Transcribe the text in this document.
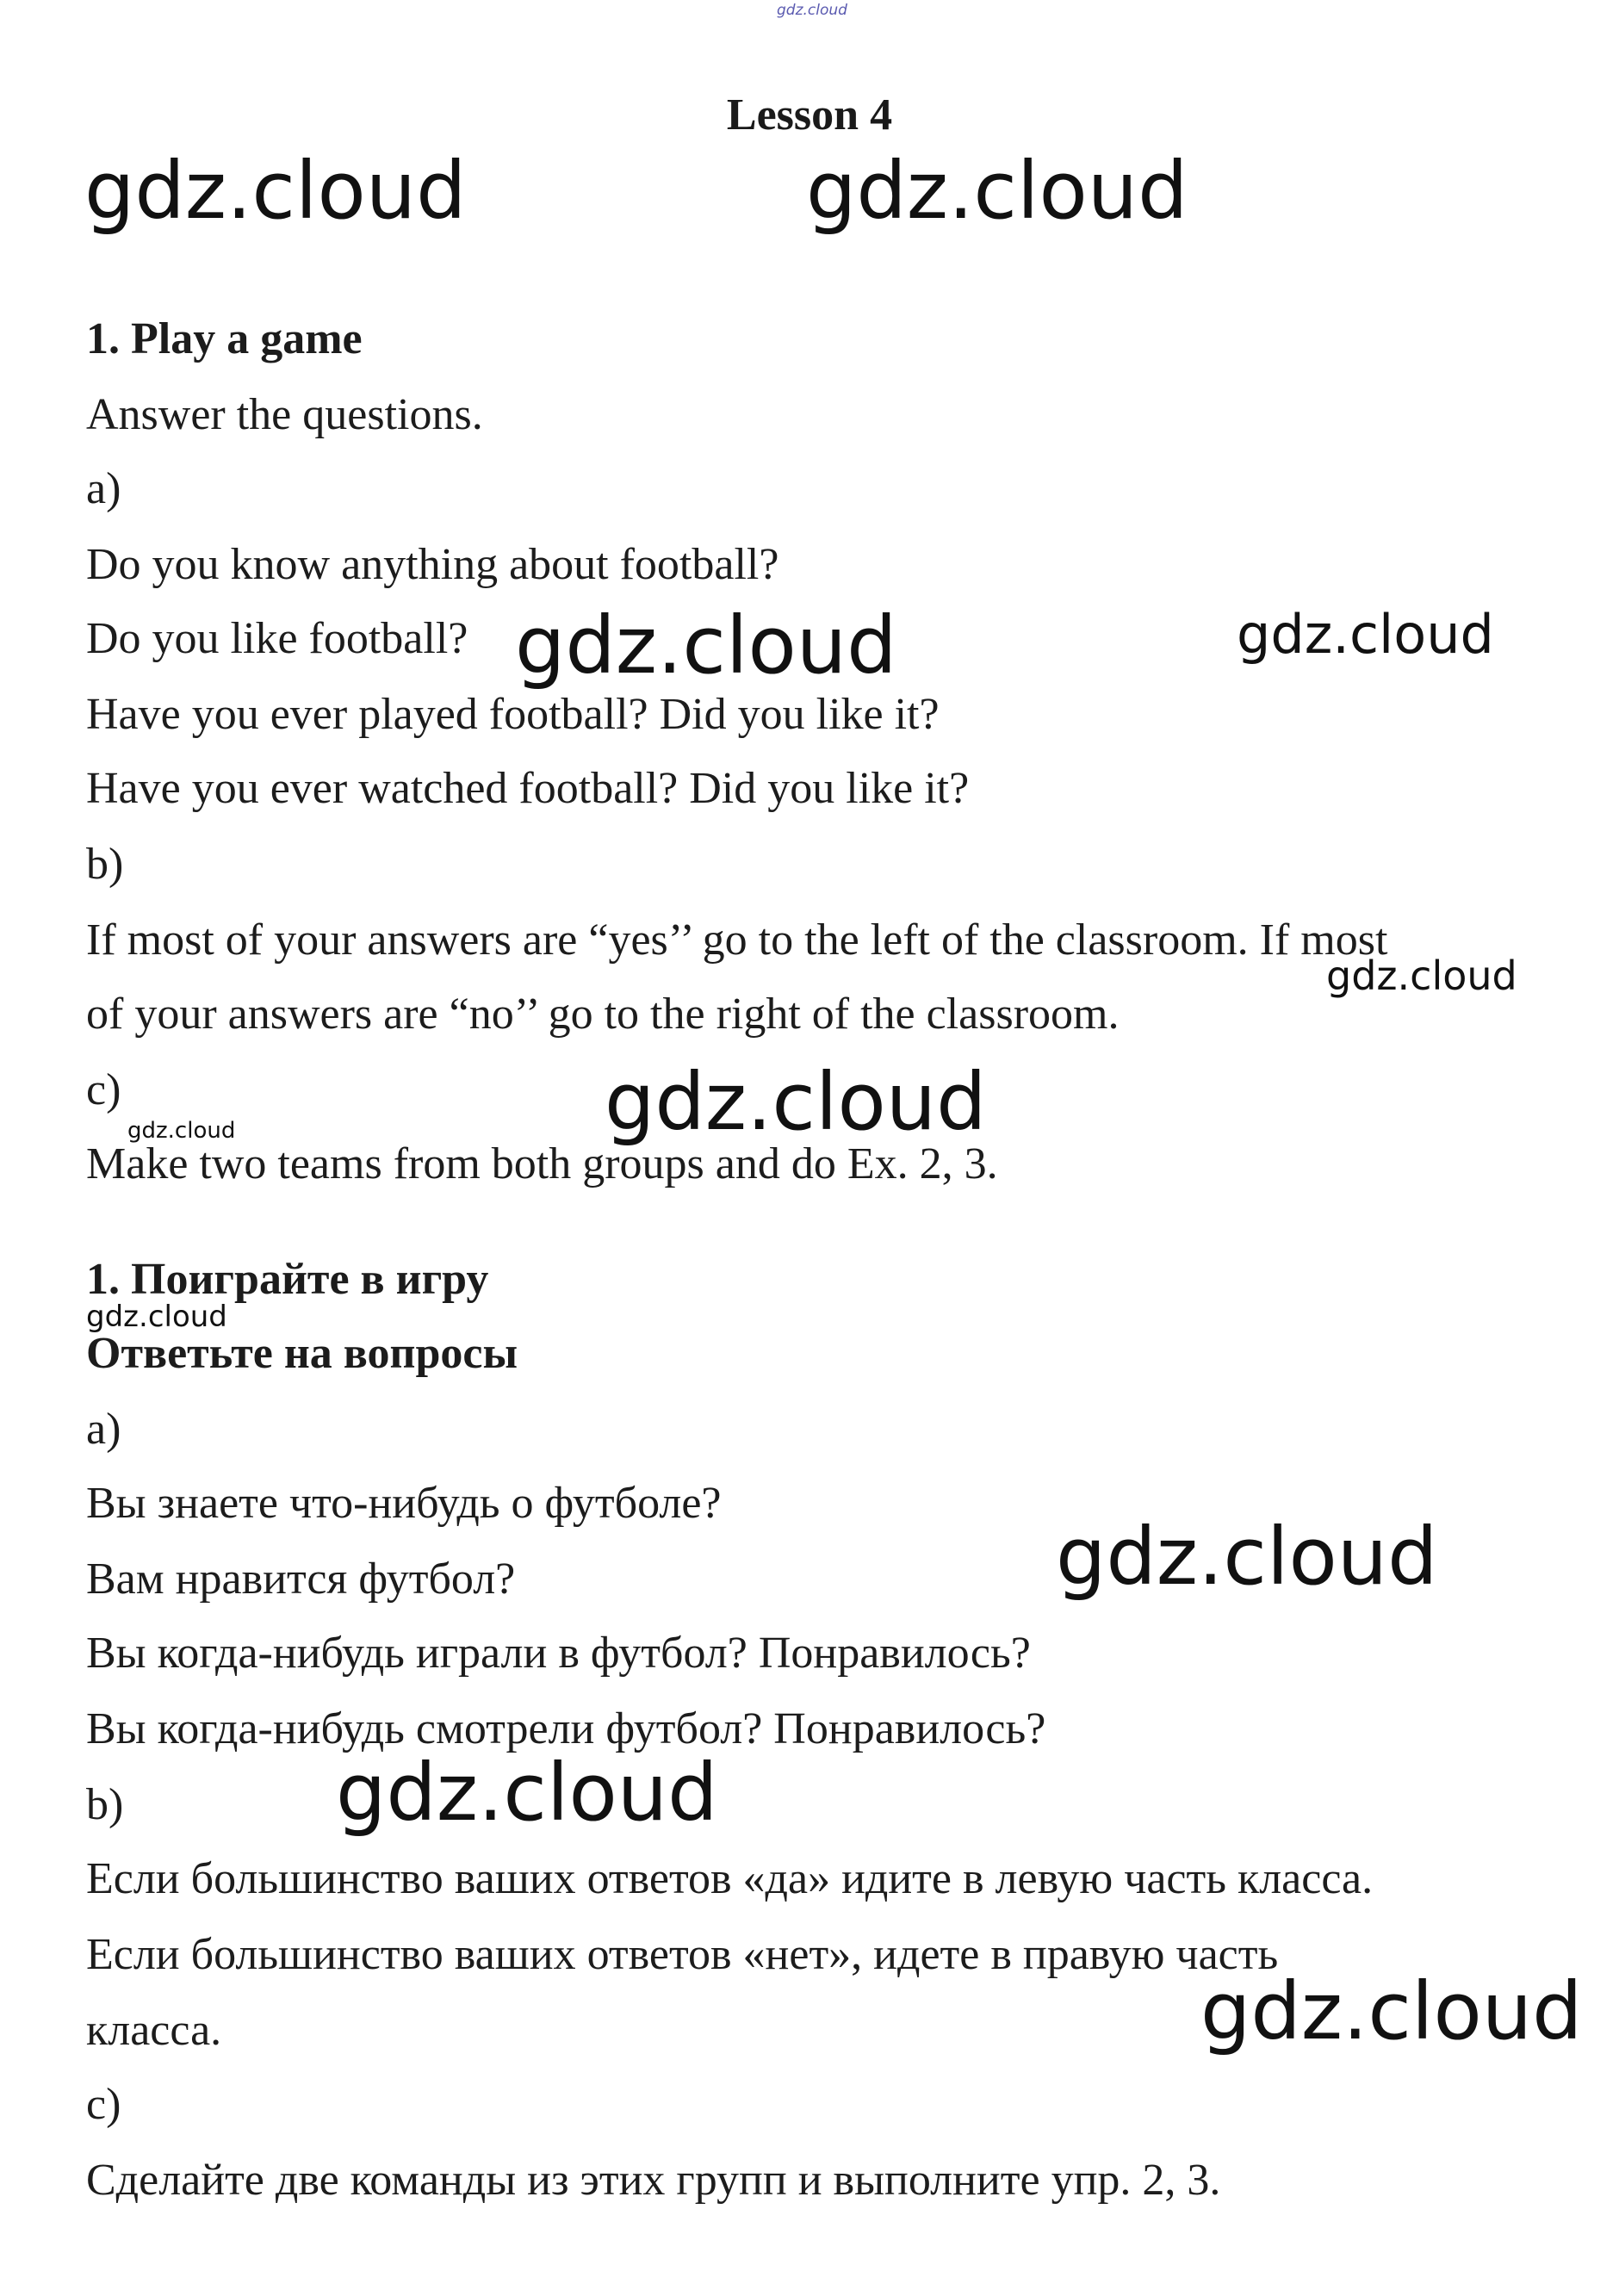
gdz.cloud
Lesson 4
1. Play a game
Answer the questions.
a)
Do you know anything about football?
Do you like football?
Have you ever played football? Did you like it?
Have you ever watched football? Did you like it?
b)
If most of your answers are “yes’’ go to the left of the classroom. If most
of your answers are “no’’ go to the right of the classroom.
c)
Make two teams from both groups and do Ex. 2, 3.
1. Поиграйте в игру
Ответьте на вопросы
a)
Вы знаете что-нибудь о футболе?
Вам нравится футбол?
Вы когда-нибудь играли в футбол? Понравилось?
Вы когда-нибудь смотрели футбол? Понравилось?
b)
Если большинство ваших ответов «да» идите в левую часть класса.
Если большинство ваших ответов «нет», идете в правую часть
класса.
c)
Сделайте две команды из этих групп и выполните упр. 2, 3.
gdz.cloud	gdz.cloud
gdz.cloud	gdz.cloud
gdz.cloud
gdz.cloud
gdz.cloud
gdz.cloud
gdz.cloud
gdz.cloud
gdz.cloud
